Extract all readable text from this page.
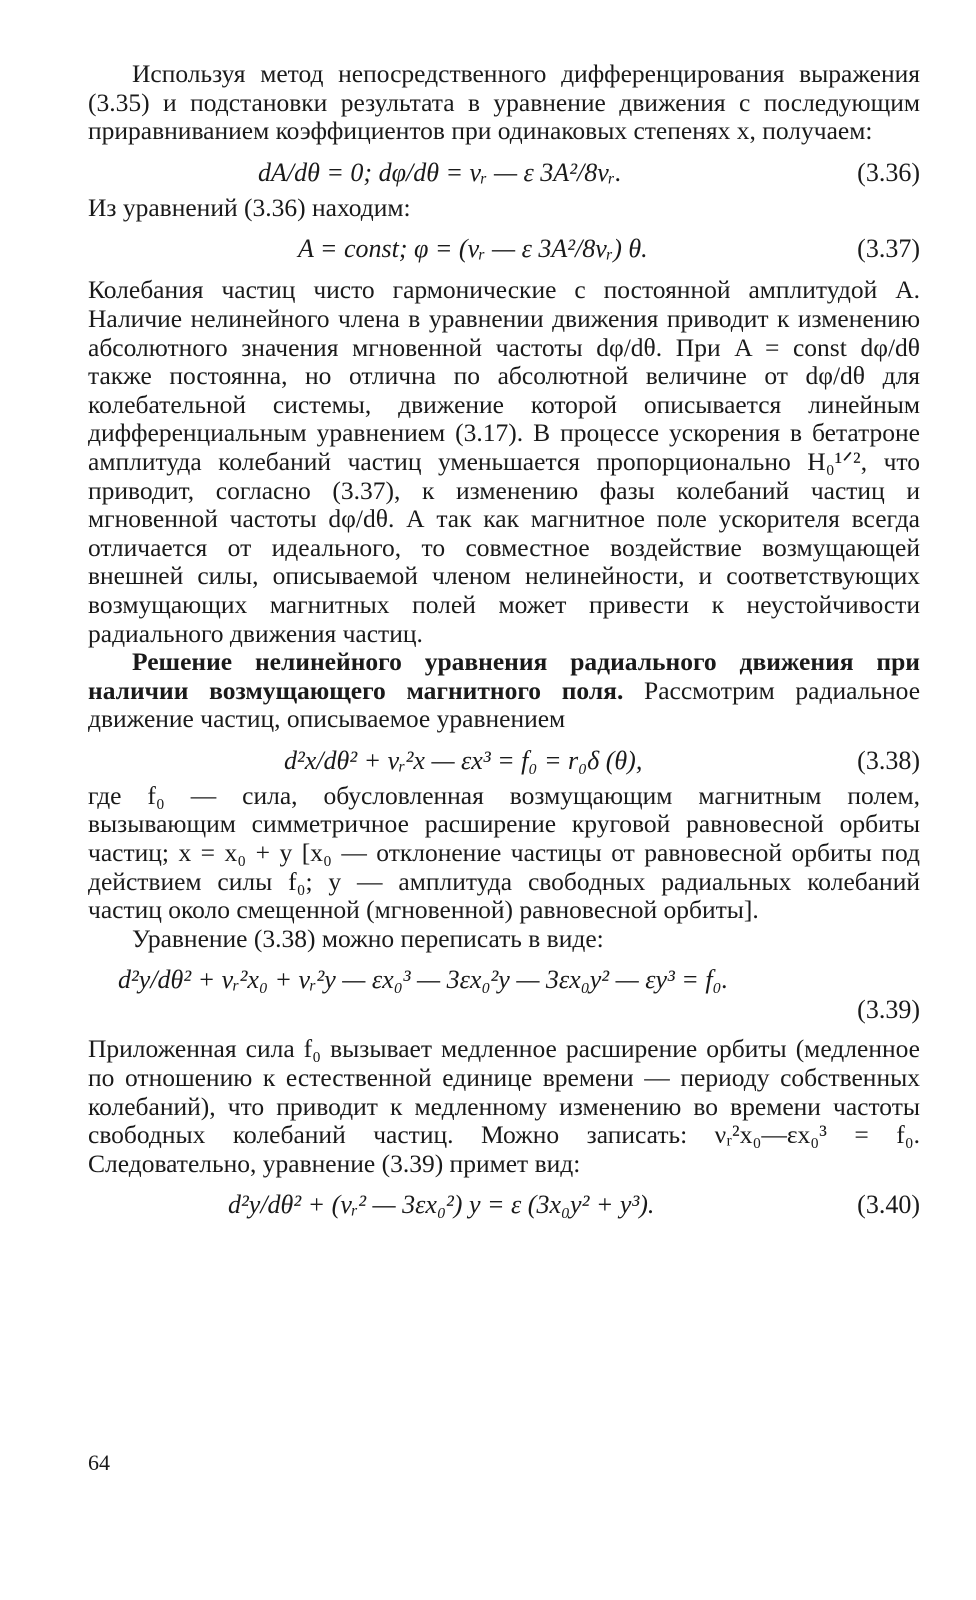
Используя метод непосредственного дифференцирования выражения (3.35) и подстановки результата в уравнение движения с последующим приравниванием коэффициентов при одинаковых степенях x, получаем:

dA/dθ = 0; dφ/dθ = νᵣ — ε 3A²/8νᵣ.	(3.36)

Из уравнений (3.36) находим:

A = const; φ = (νᵣ — ε 3A²/8νᵣ) θ.	(3.37)

Колебания частиц чисто гармонические с постоянной амплитудой A. Наличие нелинейного члена в уравнении движения приводит к изменению абсолютного значения мгновенной частоты dφ/dθ. При A = const dφ/dθ также постоянна, но отлична по абсолютной величине от dφ/dθ для колебательной системы, движение которой описывается линейным дифференциальным уравнением (3.17). В процессе ускорения в бетатроне амплитуда колебаний частиц уменьшается пропорционально H₀¹ᐟ², что приводит, согласно (3.37), к изменению фазы колебаний частиц и мгновенной частоты dφ/dθ. А так как магнитное поле ускорителя всегда отличается от идеального, то совместное воздействие возмущающей внешней силы, описываемой членом нелинейности, и соответствующих возмущающих магнитных полей может привести к неустойчивости радиального движения частиц.

Решение нелинейного уравнения радиального движения при наличии возмущающего магнитного поля. Рассмотрим радиальное движение частиц, описываемое уравнением

d²x/dθ² + νᵣ²x — εx³ = f₀ = r₀δ (θ),	(3.38)

где f₀ — сила, обусловленная возмущающим магнитным полем, вызывающим симметричное расширение круговой равновесной орбиты частиц; x = x₀ + y [x₀ — отклонение частицы от равновесной орбиты под действием силы f₀; y — амплитуда свободных радиальных колебаний частиц около смещенной (мгновенной) равновесной орбиты].

Уравнение (3.38) можно переписать в виде:

d²y/dθ² + νᵣ²x₀ + νᵣ²y — εx₀³ — 3εx₀²y — 3εx₀y² — εy³ = f₀.
(3.39)

Приложенная сила f₀ вызывает медленное расширение орбиты (медленное по отношению к естественной единице времени — периоду собственных колебаний), что приводит к медленному изменению во времени частоты свободных колебаний частиц. Можно записать: νᵣ²x₀—εx₀³ = f₀. Следовательно, уравнение (3.39) примет вид:

d²y/dθ² + (νᵣ² — 3εx₀²) y = ε (3x₀y² + y³).	(3.40)
64
